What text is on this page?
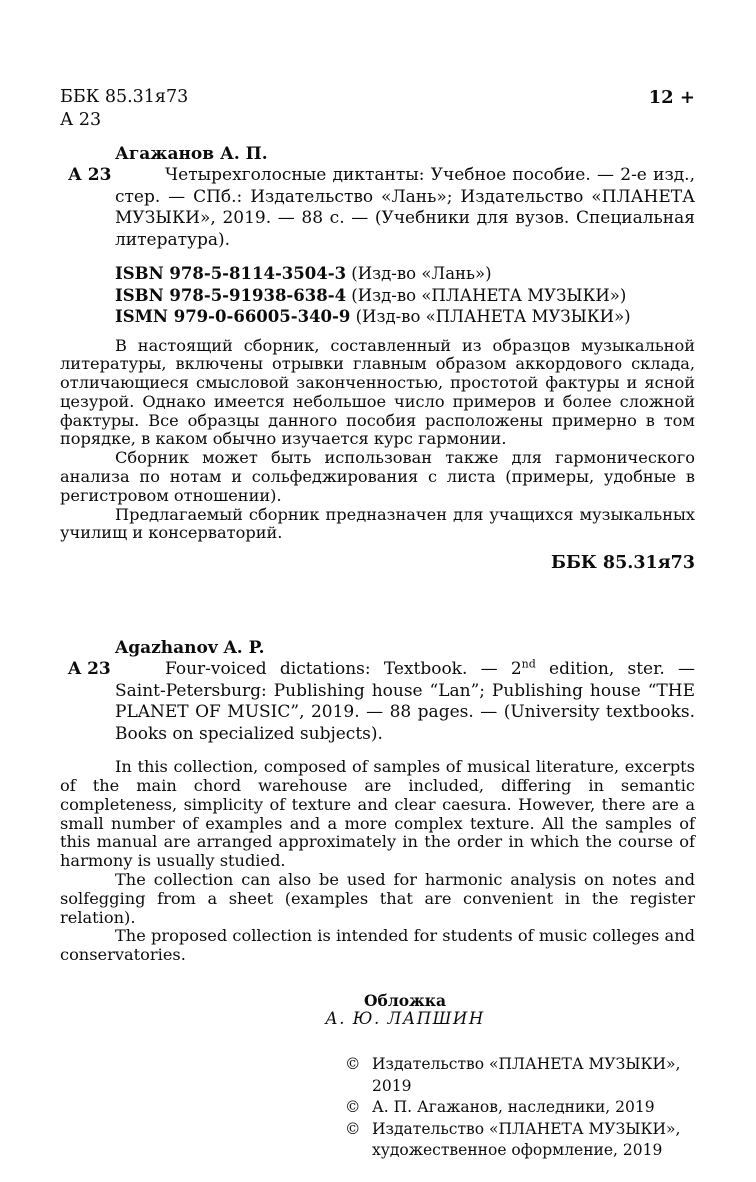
ББК 85.31я73
А 23
12 +
Агажанов А. П.
А 23	Четырехголосные диктанты: Учебное пособие. — 2-е изд., стер. — СПб.: Издательство «Лань»; Издательство «ПЛАНЕТА МУЗЫКИ», 2019. — 88 с. — (Учебники для вузов. Специальная литература).

ISBN 978-5-8114-3504-3 (Изд-во «Лань»)
ISBN 978-5-91938-638-4 (Изд-во «ПЛАНЕТА МУЗЫКИ»)
ISMN 979-0-66005-340-9 (Изд-во «ПЛАНЕТА МУЗЫКИ»)

В настоящий сборник, составленный из образцов музыкальной литературы, включены отрывки главным образом аккордового склада, отличающиеся смысловой законченностью, простотой фактуры и ясной цезурой. Однако имеется небольшое число примеров и более сложной фактуры. Все образцы данного пособия расположены примерно в том порядке, в каком обычно изучается курс гармонии.

Сборник может быть использован также для гармонического анализа по нотам и сольфеджирования с листа (примеры, удобные в регистровом отношении).

Предлагаемый сборник предназначен для учащихся музыкальных училищ и консерваторий.

ББК 85.31я73
Agazhanov A. P.
A 23	Four-voiced dictations: Textbook. — 2nd edition, ster. — Saint-Petersburg: Publishing house “Lan”; Publishing house “THE PLANET OF MUSIC”, 2019. — 88 pages. — (University textbooks. Books on specialized subjects).

In this collection, composed of samples of musical literature, excerpts of the main chord warehouse are included, differing in semantic completeness, simplicity of texture and clear caesura. However, there are a small number of examples and a more complex texture. All the samples of this manual are arranged approximately in the order in which the course of harmony is usually studied.

The collection can also be used for harmonic analysis on notes and solfegging from a sheet (examples that are convenient in the register relation).

The proposed collection is intended for students of music colleges and conservatories.

Обложка
А. Ю. ЛАПШИН
© Издательство «ПЛАНЕТА МУЗЫКИ», 2019
© А. П. Агажанов, наследники, 2019
© Издательство «ПЛАНЕТА МУЗЫКИ»,
художественное оформление, 2019
